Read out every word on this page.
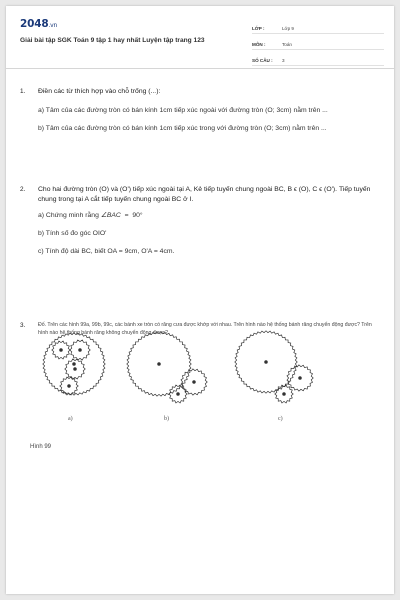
2048.vn
Giải bài tập SGK Toán 9 tập 1 hay nhất Luyện tập trang 123
LỚP :	Lớp 9
MÔN :	Toán
SỐ CÂU :	3
1.	Điền các từ thích hợp vào chỗ trống (...):
a) Tâm của các đường tròn có bán kính 1cm tiếp xúc ngoài với đường tròn (O; 3cm) nằm trên ...
b) Tâm của các đường tròn có bán kính 1cm tiếp xúc trong với đường tròn (O; 3cm) nằm trên ...
2.	Cho hai đường tròn (O) và (O') tiếp xúc ngoài tại A, Kẻ tiếp tuyến chung ngoài BC, B ϵ (O), C ϵ (O'). Tiếp tuyến chung trong tại A cắt tiếp tuyến chung ngoài BC ở I.
a) Chứng minh rằng ∠BAC = 90°
b) Tính số đo góc OIO'
c) Tính độ dài BC, biết OA = 9cm, O'A = 4cm.
3.	Đố. Trên các hình 99a, 99b, 99c, các bánh xe tròn có răng cưa được khớp với nhau. Trên hình nào hệ thống bánh răng chuyển động được? Trên hình nào hệ thống bánh răng không chuyển động được?
a)	b)	c)
Hình 99
